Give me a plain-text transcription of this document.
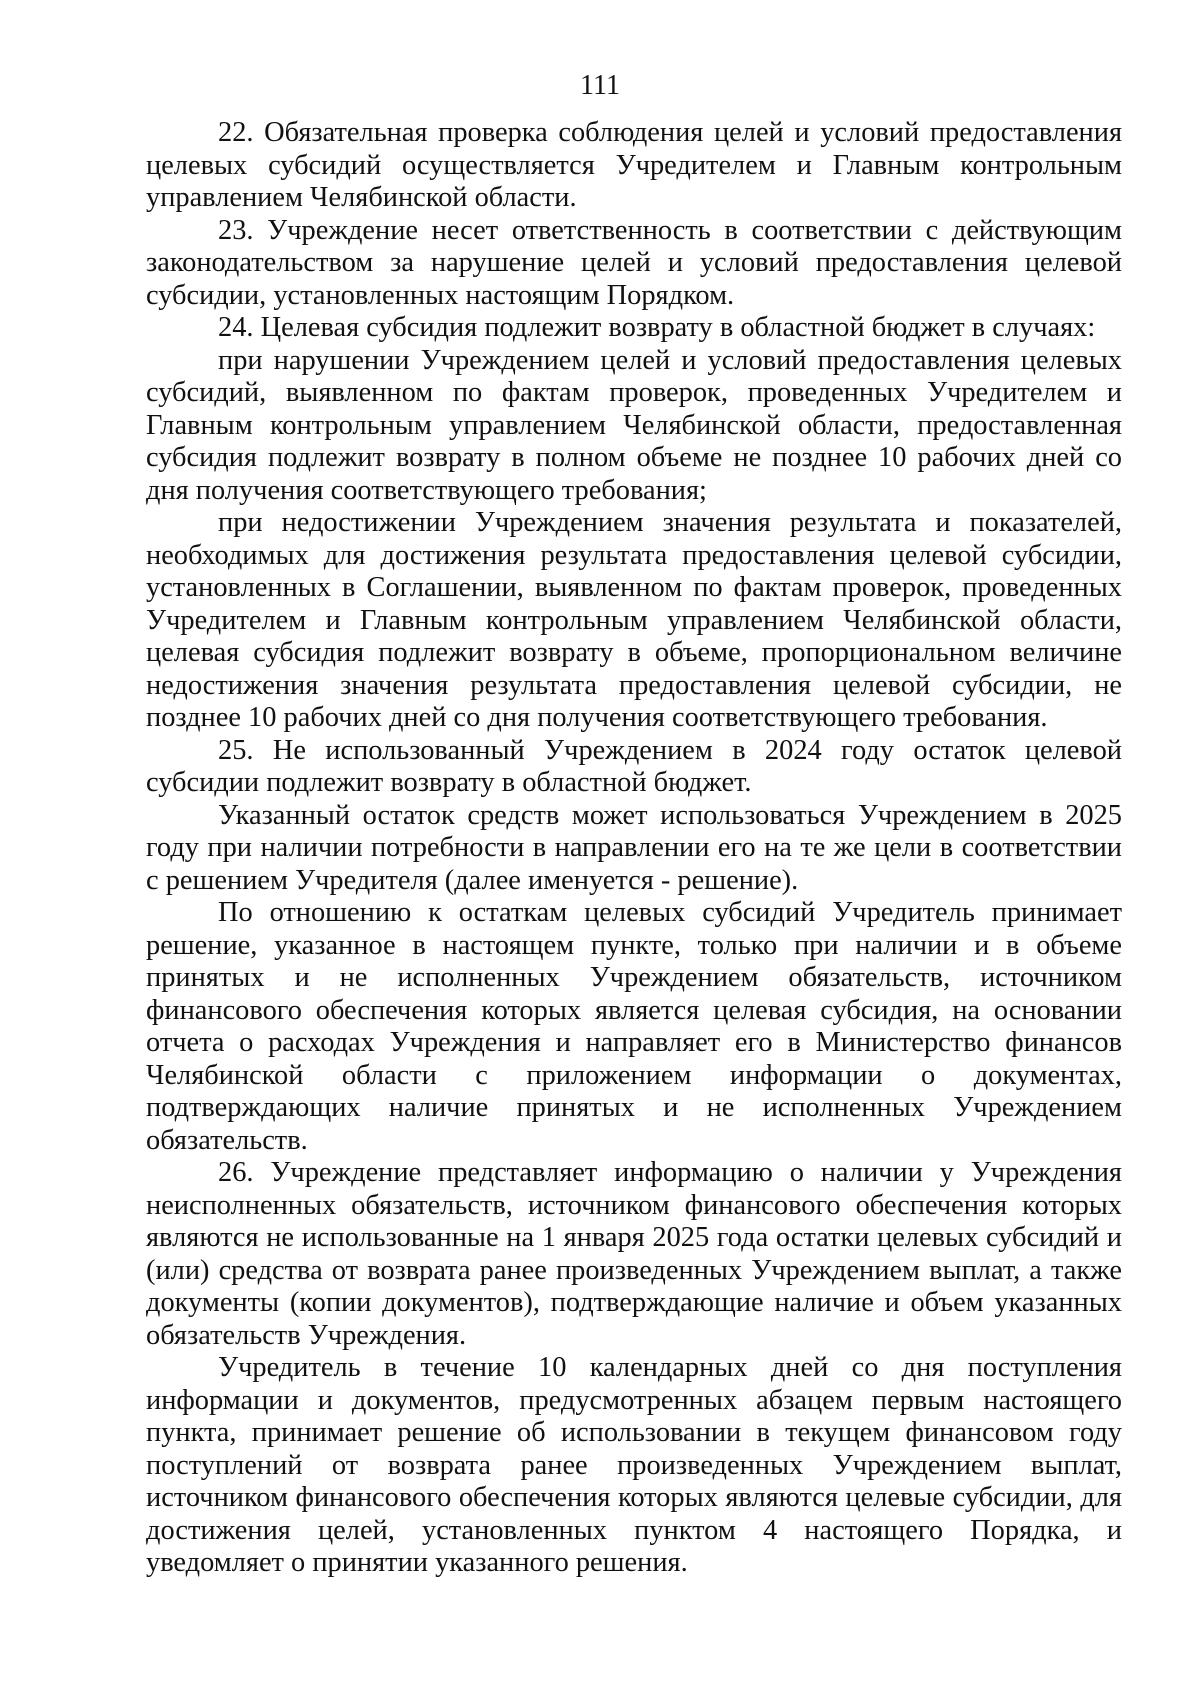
111

22. Обязательная проверка соблюдения целей и условий предоставления целевых субсидий осуществляется Учредителем и Главным контрольным управлением Челябинской области.

23. Учреждение несет ответственность в соответствии с действующим законодательством за нарушение целей и условий предоставления целевой субсидии, установленных настоящим Порядком.

24. Целевая субсидия подлежит возврату в областной бюджет в случаях:

при нарушении Учреждением целей и условий предоставления целевых субсидий, выявленном по фактам проверок, проведенных Учредителем и Главным контрольным управлением Челябинской области, предоставленная субсидия подлежит возврату в полном объеме не позднее 10 рабочих дней со дня получения соответствующего требования;

при недостижении Учреждением значения результата и показателей, необходимых для достижения результата предоставления целевой субсидии, установленных в Соглашении, выявленном по фактам проверок, проведенных Учредителем и Главным контрольным управлением Челябинской области, целевая субсидия подлежит возврату в объеме, пропорциональном величине недостижения значения результата предоставления целевой субсидии, не позднее 10 рабочих дней со дня получения соответствующего требования.

25. Не использованный Учреждением в 2024 году остаток целевой субсидии подлежит возврату в областной бюджет.

Указанный остаток средств может использоваться Учреждением в 2025 году при наличии потребности в направлении его на те же цели в соответствии с решением Учредителя (далее именуется - решение).

По отношению к остаткам целевых субсидий Учредитель принимает решение, указанное в настоящем пункте, только при наличии и в объеме принятых и не исполненных Учреждением обязательств, источником финансового обеспечения которых является целевая субсидия, на основании отчета о расходах Учреждения и направляет его в Министерство финансов Челябинской области с приложением информации о документах, подтверждающих наличие принятых и не исполненных Учреждением обязательств.

26. Учреждение представляет информацию о наличии у Учреждения неисполненных обязательств, источником финансового обеспечения которых являются не использованные на 1 января 2025 года остатки целевых субсидий и (или) средства от возврата ранее произведенных Учреждением выплат, а также документы (копии документов), подтверждающие наличие и объем указанных обязательств Учреждения.

Учредитель в течение 10 календарных дней со дня поступления информации и документов, предусмотренных абзацем первым настоящего пункта, принимает решение об использовании в текущем финансовом году поступлений от возврата ранее произведенных Учреждением выплат, источником финансового обеспечения которых являются целевые субсидии, для достижения целей, установленных пунктом 4 настоящего Порядка, и уведомляет о принятии указанного решения.
